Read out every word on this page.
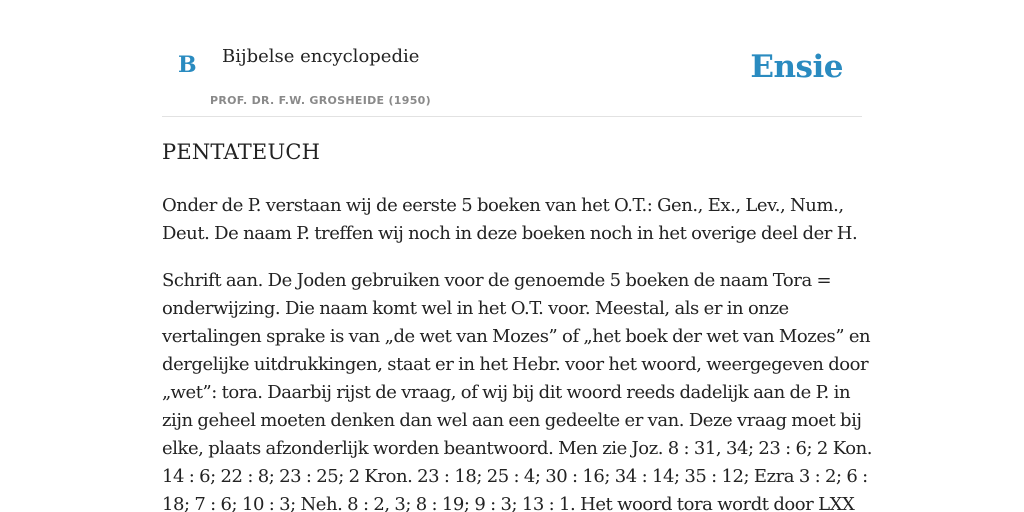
B Bijbelse encyclopedie
PROF. DR. F.W. GROSHEIDE (1950)
Ensie
PENTATEUCH

Onder de P. verstaan wij de eerste 5 boeken van het O.T.: Gen., Ex., Lev., Num.,
Deut. De naam P. treffen wij noch in deze boeken noch in het overige deel der H.

Schrift aan. De Joden gebruiken voor de genoemde 5 boeken de naam Tora =
onderwijzing. Die naam komt wel in het O.T. voor. Meestal, als er in onze
vertalingen sprake is van „de wet van Mozes” of „het boek der wet van Mozes” en
dergelijke uitdrukkingen, staat er in het Hebr. voor het woord, weergegeven door
„wet”: tora. Daarbij rijst de vraag, of wij bij dit woord reeds dadelijk aan de P. in
zijn geheel moeten denken dan wel aan een gedeelte er van. Deze vraag moet bij
elke, plaats afzonderlijk worden beantwoord. Men zie Joz. 8 : 31, 34; 23 : 6; 2 Kon.
14 : 6; 22 : 8; 23 : 25; 2 Kron. 23 : 18; 25 : 4; 30 : 16; 34 : 14; 35 : 12; Ezra 3 : 2; 6 :
18; 7 : 6; 10 : 3; Neh. 8 : 2, 3; 8 : 19; 9 : 3; 13 : 1. Het woord tora wordt door LXX
